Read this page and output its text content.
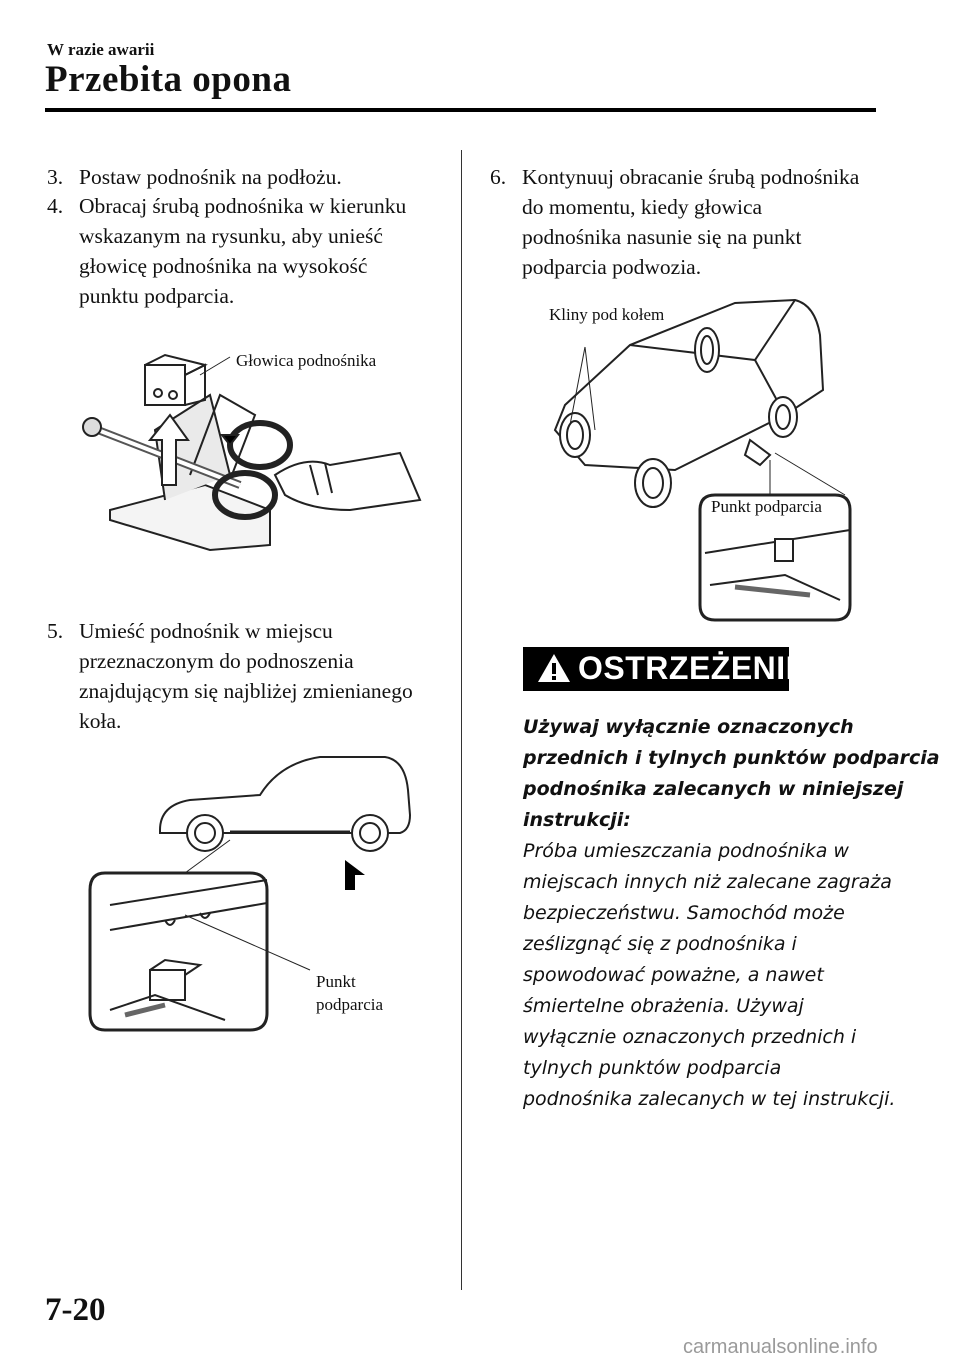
W razie awarii
Przebita opona
3. Postaw podnośnik na podłożu.
4. Obracaj śrubą podnośnika w kierunku
wskazanym na rysunku, aby unieść
głowicę podnośnika na wysokość
punktu podparcia.
Głowica podnośnika
5. Umieść podnośnik w miejscu
przeznaczonym do podnoszenia
znajdującym się najbliżej zmienianego
koła.
Punkt
podparcia
6. Kontynuuj obracanie śrubą podnośnika
do momentu, kiedy głowica
podnośnika nasunie się na punkt
podparcia podwozia.
Kliny pod kołem
Punkt podparcia
OSTRZEŻENIE
Używaj wyłącznie oznaczonych
przednich i tylnych punktów podparcia
podnośnika zalecanych w niniejszej
instrukcji:
Próba umieszczania podnośnika w
miejscach innych niż zalecane zagraża
bezpieczeństwu. Samochód może
ześlizgnąć się z podnośnika i
spowodować poważne, a nawet
śmiertelne obrażenia. Używaj
wyłącznie oznaczonych przednich i
tylnych punktów podparcia
podnośnika zalecanych w tej instrukcji.
7-20
carmanualsonline.info
